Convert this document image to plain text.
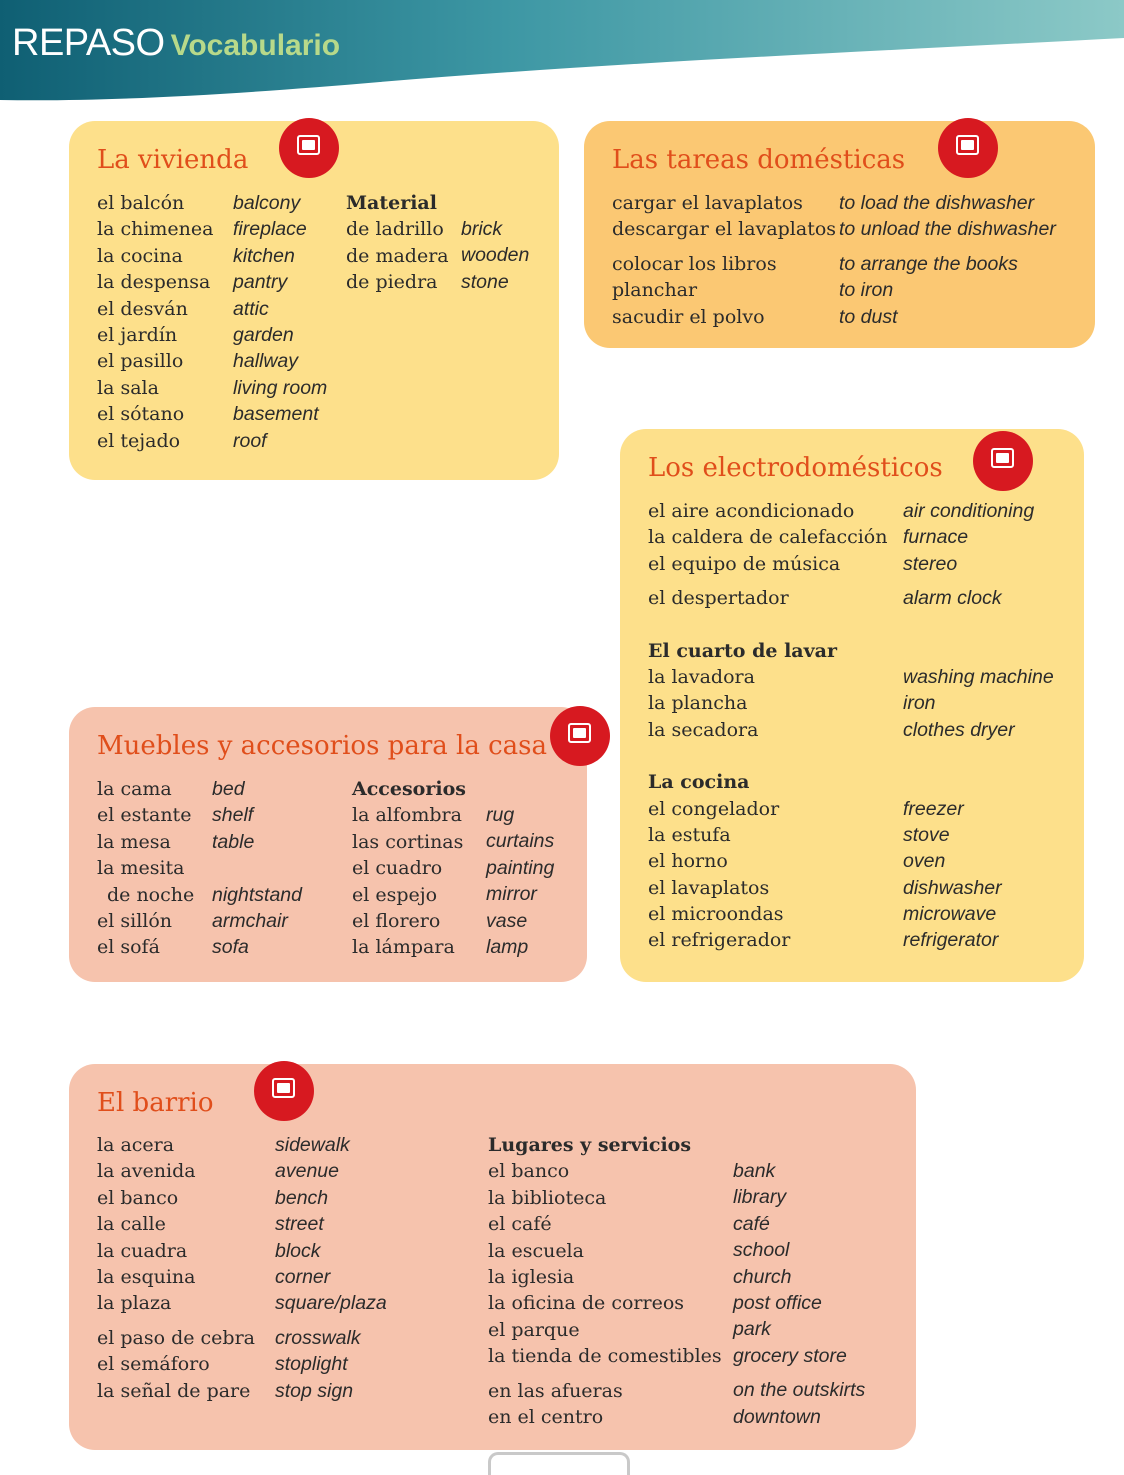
REPASO Vocabulario
La vivienda
el balcón
la chimenea
la cocina
la despensa
el desván
el jardín
el pasillo
la sala
el sótano
el tejado
balcony
fireplace
kitchen
pantry
attic
garden
hallway
living room
basement
roof
Material
de ladrillo
de madera
de piedra
brick
wooden
stone
Las tareas domésticas
cargar el lavaplatos
descargar el lavaplatos
colocar los libros
planchar
sacudir el polvo
to load the dishwasher
to unload the dishwasher
to arrange the books
to iron
to dust
Los electrodomésticos
el aire acondicionado
la caldera de calefacción
el equipo de música
el despertador
El cuarto de lavar
la lavadora
la plancha
la secadora
La cocina
el congelador
la estufa
el horno
el lavaplatos
el microondas
el refrigerador
air conditioning
furnace
stereo
alarm clock
washing machine
iron
clothes dryer
freezer
stove
oven
dishwasher
microwave
refrigerator
Muebles y accesorios para la casa
la cama
el estante
la mesa
la mesita
de noche
el sillón
el sofá
bed
shelf
table
nightstand
armchair
sofa
Accesorios
la alfombra
las cortinas
el cuadro
el espejo
el florero
la lámpara
rug
curtains
painting
mirror
vase
lamp
El barrio
la acera
la avenida
el banco
la calle
la cuadra
la esquina
la plaza
el paso de cebra
el semáforo
la señal de pare
sidewalk
avenue
bench
street
block
corner
square/plaza
crosswalk
stoplight
stop sign
Lugares y servicios
el banco
la biblioteca
el café
la escuela
la iglesia
la oficina de correos
el parque
la tienda de comestibles
en las afueras
en el centro
bank
library
café
school
church
post office
park
grocery store
on the outskirts
downtown
